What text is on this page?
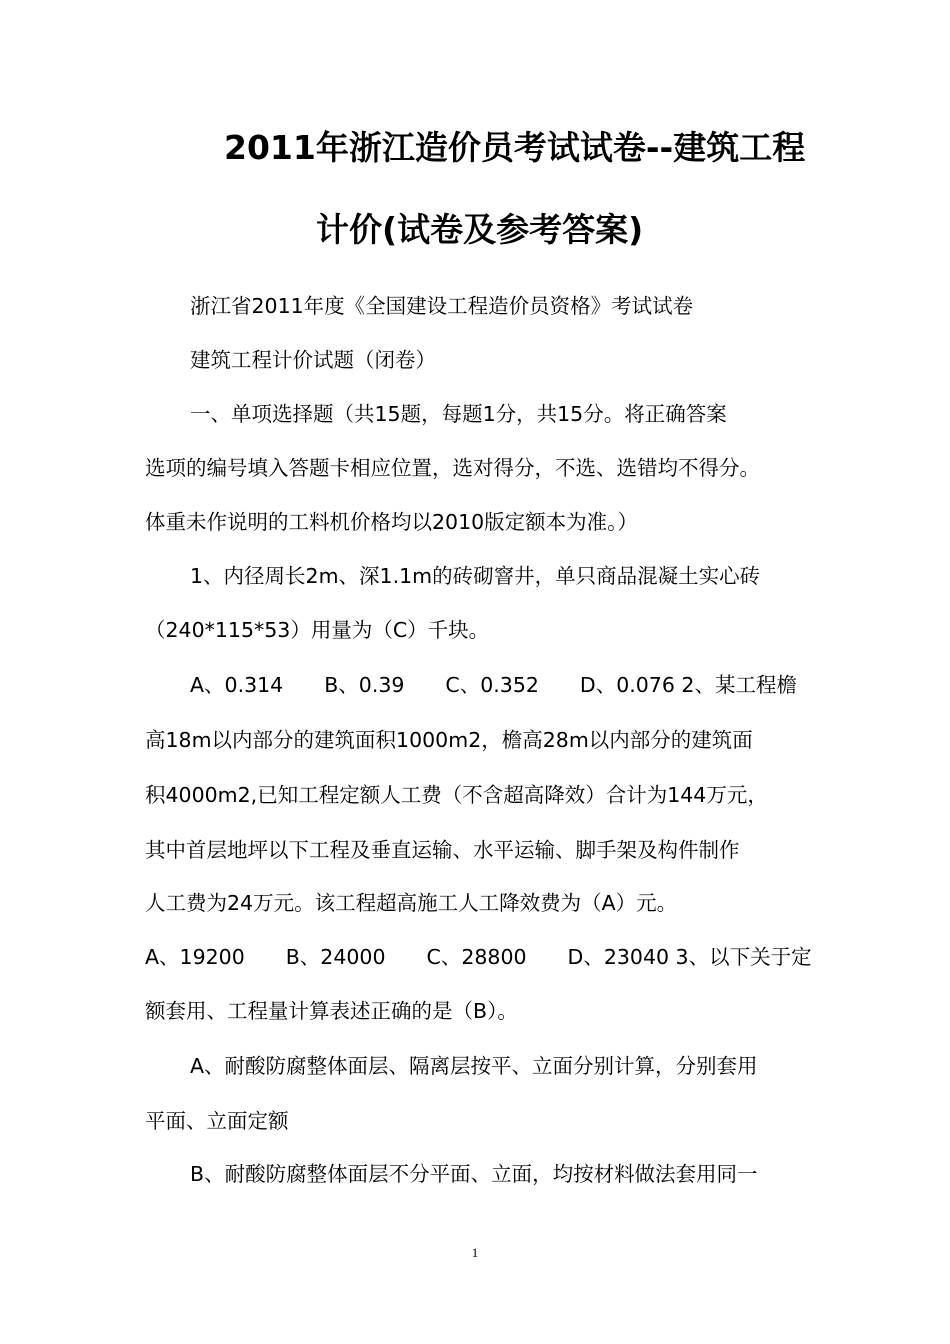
2011年浙江造价员考试试卷--建筑工程
计价(试卷及参考答案)
浙江省2011年度《全国建设工程造价员资格》考试试卷
建筑工程计价试题（闭卷）
一、单项选择题（共15题，每题1分，共15分。将正确答案
选项的编号填入答题卡相应位置，选对得分，不选、选错均不得分。
体重未作说明的工料机价格均以2010版定额本为准。）
1、内径周长2m、深1.1m的砖砌窨井，单只商品混凝土实心砖
（240*115*53）用量为（C）千块。
A、0.314　　B、0.39　　C、0.352　　D、0.076 2、某工程檐
高18m以内部分的建筑面积1000m2，檐高28m以内部分的建筑面
积4000m2,已知工程定额人工费（不含超高降效）合计为144万元，
其中首层地坪以下工程及垂直运输、水平运输、脚手架及构件制作
人工费为24万元。该工程超高施工人工降效费为（A）元。
A、19200　　B、24000　　C、28800　　D、23040 3、以下关于定
额套用、工程量计算表述正确的是（B）。
A、耐酸防腐整体面层、隔离层按平、立面分别计算，分别套用
平面、立面定额
B、耐酸防腐整体面层不分平面、立面，均按材料做法套用同一
1
